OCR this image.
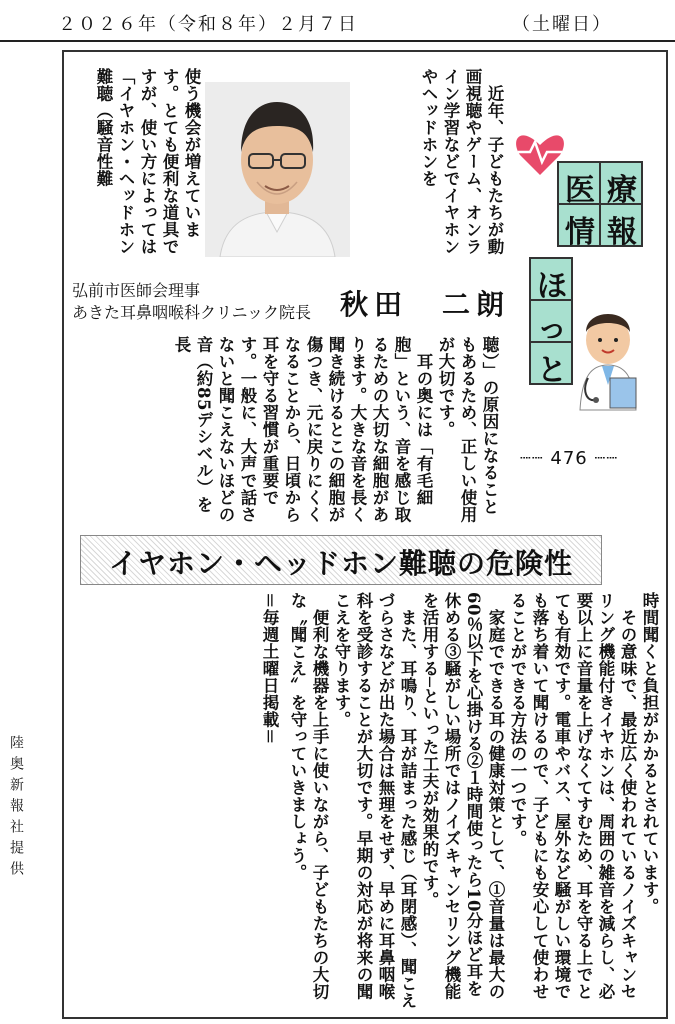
２０２６年（令和８年）２月７日	（土曜日）

近年、子どもたちが動画視聴やゲーム、オンライン学習などでイヤホンやヘッドホンを

使う機会が増えています。とても便利な道具ですが、使い方によっては「イヤホン・ヘッドホン難聴（騒音性難

弘前市医師会理事
あきた耳鼻咽喉科クリニック院長 秋田　二朗
医 療
情 報
ほ
っ
と
┈┈ 476 ┈┈

聴）」の原因になることもあるため、正しい使用が大切です。

耳の奥には「有毛細胞」という、音を感じ取るための大切な細胞があります。大きな音を長く聞き続けるとこの細胞が傷つき、元に戻りにくくなることから、日頃から耳を守る習慣が重要です。一般に、大声で話さないと聞こえないほどの音（約85デシベル）を長

イヤホン・ヘッドホン難聴の危険性

時間聞くと負担がかかるとされています。

その意味で、最近広く使われているノイズキャンセリング機能付きイヤホンは、周囲の雑音を減らし、必要以上に音量を上げなくてすむため、耳を守る上でとても有効です。電車やバス、屋外など騒がしい環境でも落ち着いて聞けるので、子どもにも安心して使わせることができる方法の一つです。

家庭でできる耳の健康対策として、①音量は最大の60％以下を心掛ける②１時間使ったら10分ほど耳を休める③騒がしい場所ではノイズキャンセリング機能を活用する─といった工夫が効果的です。

また、耳鳴り、耳が詰まった感じ（耳閉感）、聞こえづらさなどが出た場合は無理をせず、早めに耳鼻咽喉科を受診することが大切です。早期の対応が将来の聞こえを守ります。

便利な機器を上手に使いながら、子どもたちの大切な〝聞こえ〟を守っていきましょう。

＝毎週土曜日掲載＝

陸奥新報社提供
